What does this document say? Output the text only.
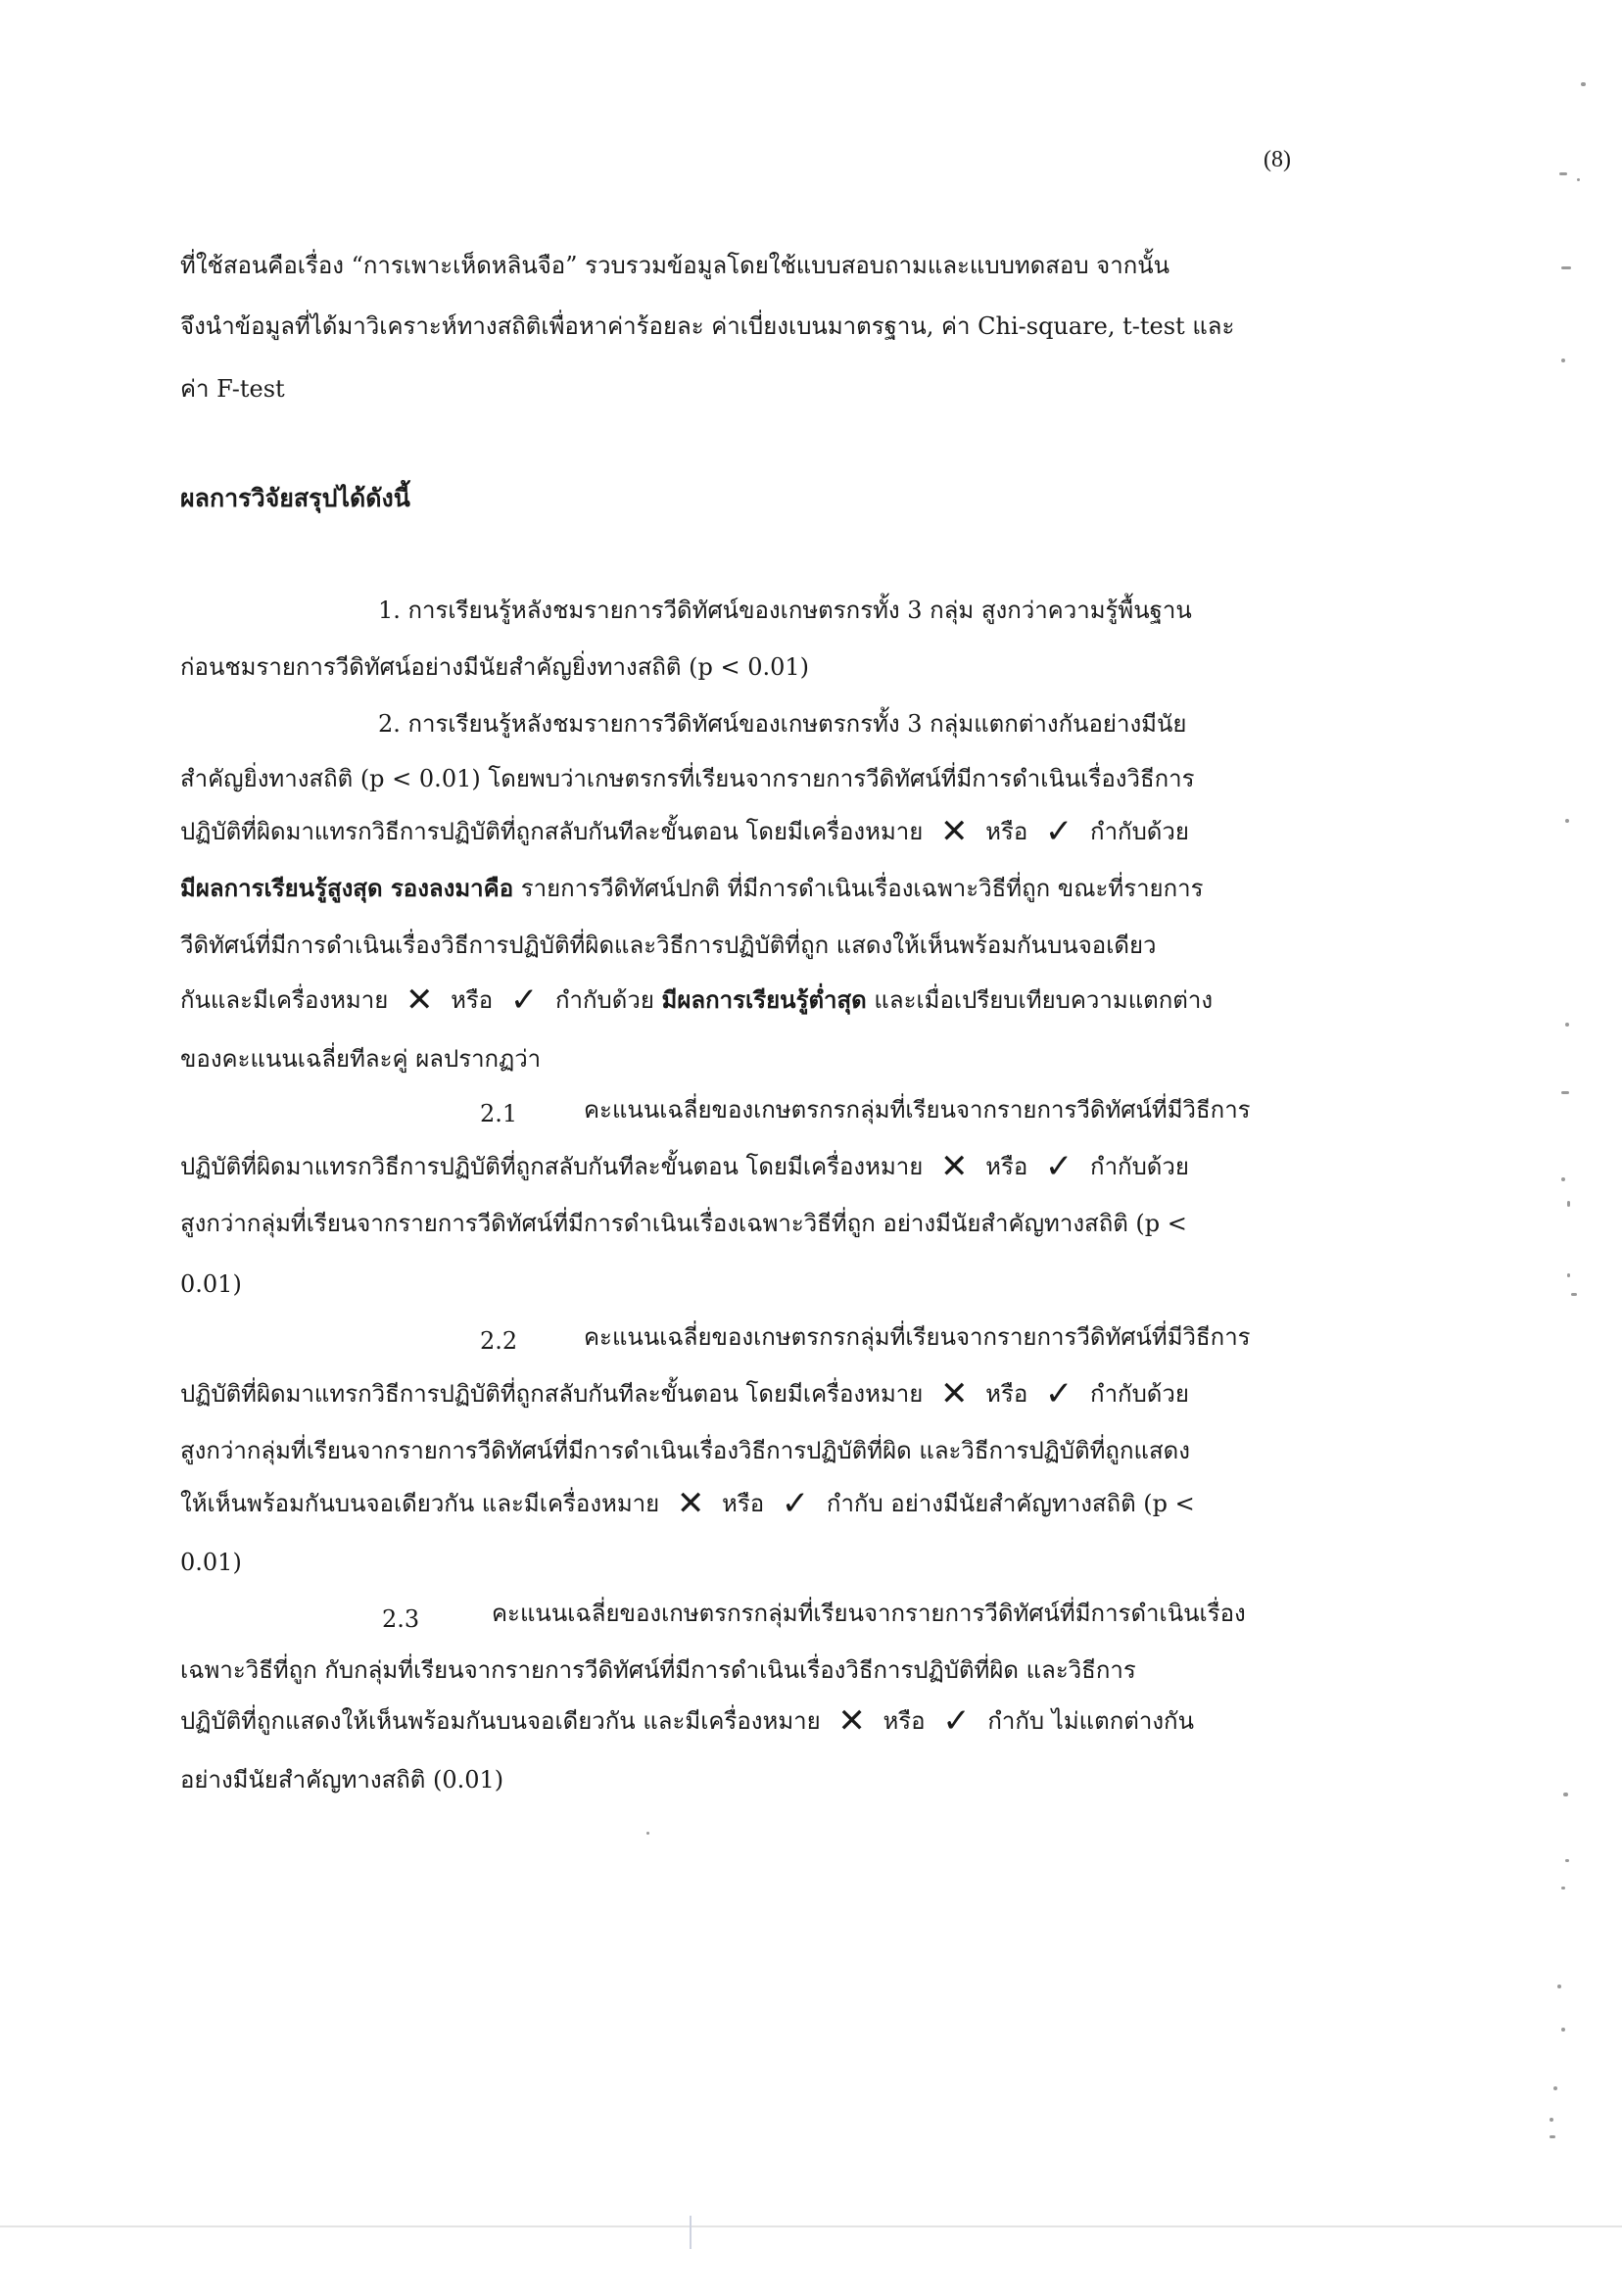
(8)
ที่ใช้สอนคือเรื่อง “การเพาะเห็ดหลินจือ” รวบรวมข้อมูลโดยใช้แบบสอบถามและแบบทดสอบ จากนั้น
จึงนำข้อมูลที่ได้มาวิเคราะห์ทางสถิติเพื่อหาค่าร้อยละ ค่าเบี่ยงเบนมาตรฐาน, ค่า Chi-square, t-test และ
ค่า F-test
ผลการวิจัยสรุปได้ดังนี้
1. การเรียนรู้หลังชมรายการวีดิทัศน์ของเกษตรกรทั้ง 3 กลุ่ม สูงกว่าความรู้พื้นฐาน
ก่อนชมรายการวีดิทัศน์อย่างมีนัยสำคัญยิ่งทางสถิติ (p < 0.01)
2. การเรียนรู้หลังชมรายการวีดิทัศน์ของเกษตรกรทั้ง 3 กลุ่มแตกต่างกันอย่างมีนัย
สำคัญยิ่งทางสถิติ (p < 0.01) โดยพบว่าเกษตรกรที่เรียนจากรายการวีดิทัศน์ที่มีการดำเนินเรื่องวิธีการ
ปฏิบัติที่ผิดมาแทรกวิธีการปฏิบัติที่ถูกสลับกันทีละขั้นตอน โดยมีเครื่องหมาย ✕ หรือ ✓ กำกับด้วย
มีผลการเรียนรู้สูงสุด รองลงมาคือ รายการวีดิทัศน์ปกติ ที่มีการดำเนินเรื่องเฉพาะวิธีที่ถูก ขณะที่รายการ
วีดิทัศน์ที่มีการดำเนินเรื่องวิธีการปฏิบัติที่ผิดและวิธีการปฏิบัติที่ถูก แสดงให้เห็นพร้อมกันบนจอเดียว
กันและมีเครื่องหมาย ✕ หรือ ✓ กำกับด้วย มีผลการเรียนรู้ต่ำสุด และเมื่อเปรียบเทียบความแตกต่าง
ของคะแนนเฉลี่ยทีละคู่ ผลปรากฏว่า
2.1	คะแนนเฉลี่ยของเกษตรกรกลุ่มที่เรียนจากรายการวีดิทัศน์ที่มีวิธีการ
ปฏิบัติที่ผิดมาแทรกวิธีการปฏิบัติที่ถูกสลับกันทีละขั้นตอน โดยมีเครื่องหมาย ✕ หรือ ✓ กำกับด้วย
สูงกว่ากลุ่มที่เรียนจากรายการวีดิทัศน์ที่มีการดำเนินเรื่องเฉพาะวิธีที่ถูก อย่างมีนัยสำคัญทางสถิติ (p <
0.01)
2.2	คะแนนเฉลี่ยของเกษตรกรกลุ่มที่เรียนจากรายการวีดิทัศน์ที่มีวิธีการ
ปฏิบัติที่ผิดมาแทรกวิธีการปฏิบัติที่ถูกสลับกันทีละขั้นตอน โดยมีเครื่องหมาย ✕ หรือ ✓ กำกับด้วย
สูงกว่ากลุ่มที่เรียนจากรายการวีดิทัศน์ที่มีการดำเนินเรื่องวิธีการปฏิบัติที่ผิด และวิธีการปฏิบัติที่ถูกแสดง
ให้เห็นพร้อมกันบนจอเดียวกัน และมีเครื่องหมาย ✕ หรือ ✓ กำกับ อย่างมีนัยสำคัญทางสถิติ (p <
0.01)
2.3	คะแนนเฉลี่ยของเกษตรกรกลุ่มที่เรียนจากรายการวีดิทัศน์ที่มีการดำเนินเรื่อง
เฉพาะวิธีที่ถูก กับกลุ่มที่เรียนจากรายการวีดิทัศน์ที่มีการดำเนินเรื่องวิธีการปฏิบัติที่ผิด และวิธีการ
ปฏิบัติที่ถูกแสดงให้เห็นพร้อมกันบนจอเดียวกัน และมีเครื่องหมาย ✕ หรือ ✓ กำกับ ไม่แตกต่างกัน
อย่างมีนัยสำคัญทางสถิติ (0.01)
